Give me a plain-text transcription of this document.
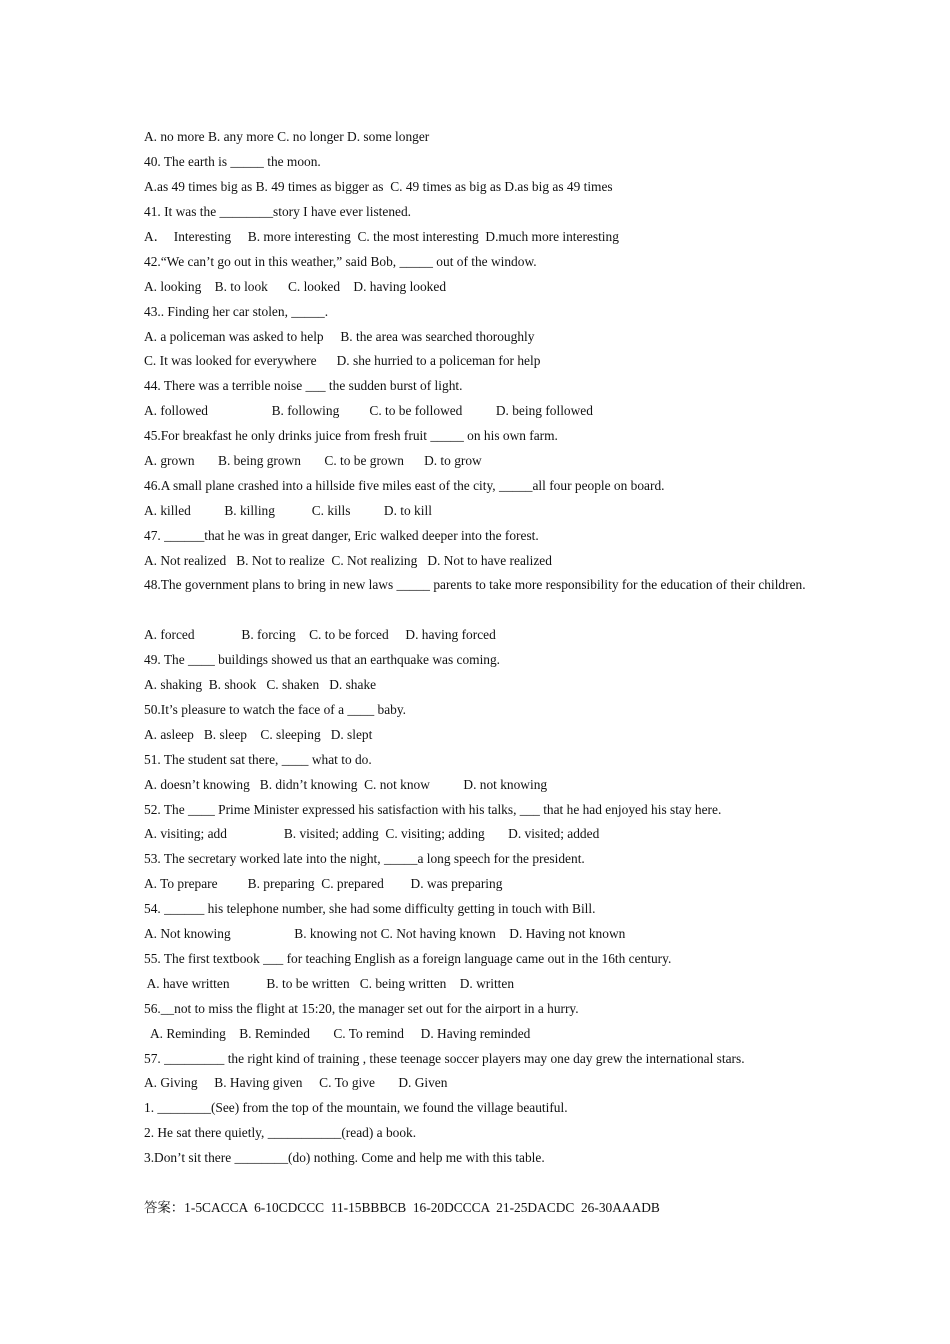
A. no more B. any more C. no longer D. some longer
40. The earth is _____ the moon.
A.as 49 times big as B. 49 times as bigger as  C. 49 times as big as D.as big as 49 times
41. It was the ________story I have ever listened.
A．  Interesting     B. more interesting  C. the most interesting  D.much more interesting
42.“We can’t go out in this weather,” said Bob, _____ out of the window.
A. looking    B. to look      C. looked    D. having looked
43.. Finding her car stolen, _____.
A. a policeman was asked to help     B. the area was searched thoroughly
C. It was looked for everywhere      D. she hurried to a policeman for help
44. There was a terrible noise ___ the sudden burst of light.
A. followed                   B. following         C. to be followed          D. being followed
45.For breakfast he only drinks juice from fresh fruit _____ on his own farm.
A. grown       B. being grown       C. to be grown      D. to grow
46.A small plane crashed into a hillside five miles east of the city, _____all four people on board.
A. killed          B. killing           C. kills          D. to kill
47. ______that he was in great danger, Eric walked deeper into the forest.
A. Not realized   B. Not to realize  C. Not realizing   D. Not to have realized
48.The government plans to bring in new laws _____ parents to take more responsibility for the education of their children.
A. forced              B. forcing    C. to be forced     D. having forced
49. The ____ buildings showed us that an earthquake was coming.
A. shaking  B. shook   C. shaken   D. shake
50.It’s pleasure to watch the face of a ____ baby.
A. asleep   B. sleep    C. sleeping   D. slept
51. The student sat there, ____ what to do.
A. doesn’t knowing   B. didn’t knowing  C. not know          D. not knowing
52. The ____ Prime Minister expressed his satisfaction with his talks, ___ that he had enjoyed his stay here.
A. visiting; add                 B. visited; adding  C. visiting; adding       D. visited; added
53. The secretary worked late into the night, _____a long speech for the president.
A. To prepare         B. preparing  C. prepared        D. was preparing
54. ______ his telephone number, she had some difficulty getting in touch with Bill.
A. Not knowing                   B. knowing not C. Not having known    D. Having not known
55. The first textbook ___ for teaching English as a foreign language came out in the 16th century.
A. have written           B. to be written   C. being written    D. written
56.__not to miss the flight at 15:20, the manager set out for the airport in a hurry.
A. Reminding    B. Reminded       C. To remind     D. Having reminded
57. _________ the right kind of training , these teenage soccer players may one day grew the international stars.
A. Giving     B. Having given     C. To give       D. Given
1. ________(See) from the top of the mountain, we found the village beautiful.
2. He sat there quietly, ___________(read) a book.
3.Don’t sit there ________(do) nothing. Come and help me with this table.
答案：1-5CACCA  6-10CDCCC  11-15BBBCB  16-20DCCCA  21-25DACDC  26-30AAADB
